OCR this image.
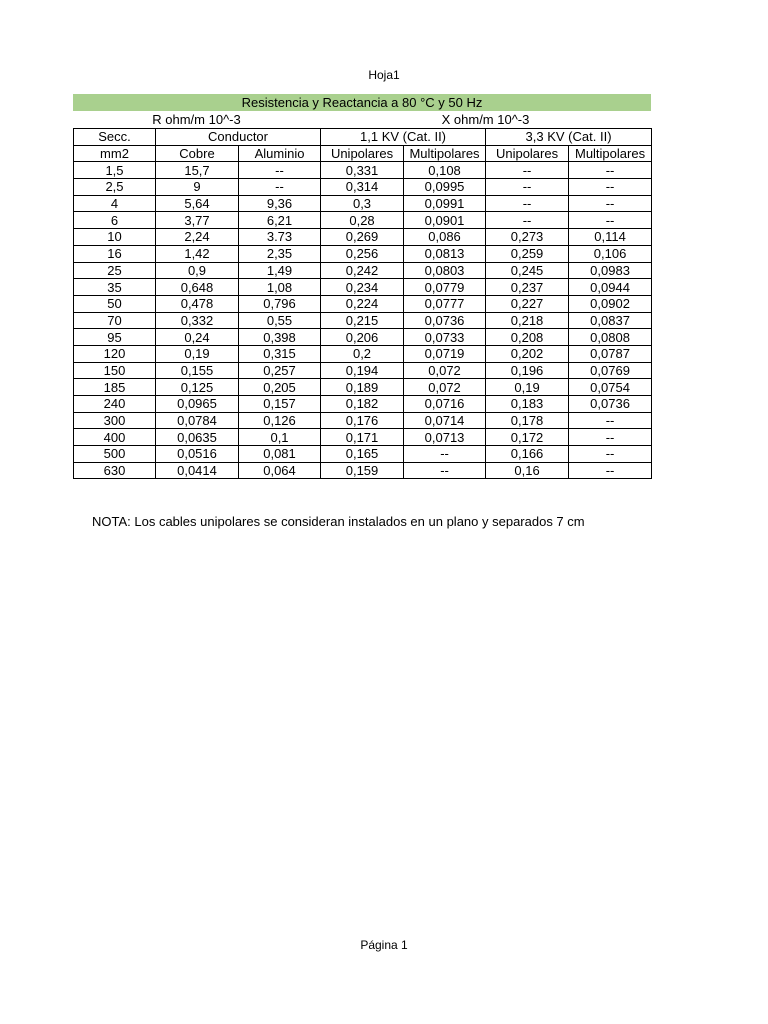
Hoja1
Resistencia y Reactancia a 80 °C y 50 Hz
R ohm/m 10^-3	X ohm/m 10^-3
Secc.	Conductor		1,1 KV (Cat. II)		3,3 KV (Cat. II)	
mm2	Cobre	Aluminio	Unipolares	Multipolares	Unipolares	Multipolares
1,5	15,7	--	0,331	0,108	--	--
2,5	9	--	0,314	0,0995	--	--
4	5,64	9,36	0,3	0,0991	--	--
6	3,77	6,21	0,28	0,0901	--	--
10	2,24	3.73	0,269	0,086	0,273	0,114
16	1,42	2,35	0,256	0,0813	0,259	0,106
25	0,9	1,49	0,242	0,0803	0,245	0,0983
35	0,648	1,08	0,234	0,0779	0,237	0,0944
50	0,478	0,796	0,224	0,0777	0,227	0,0902
70	0,332	0,55	0,215	0,0736	0,218	0,0837
95	0,24	0,398	0,206	0,0733	0,208	0,0808
120	0,19	0,315	0,2	0,0719	0,202	0,0787
150	0,155	0,257	0,194	0,072	0,196	0,0769
185	0,125	0,205	0,189	0,072	0,19	0,0754
240	0,0965	0,157	0,182	0,0716	0,183	0,0736
300	0,0784	0,126	0,176	0,0714	0,178	--
400	0,0635	0,1	0,171	0,0713	0,172	--
500	0,0516	0,081	0,165	--	0,166	--
630	0,0414	0,064	0,159	--	0,16	--
NOTA: Los cables unipolares se consideran instalados en un plano y separados 7 cm
Página 1
